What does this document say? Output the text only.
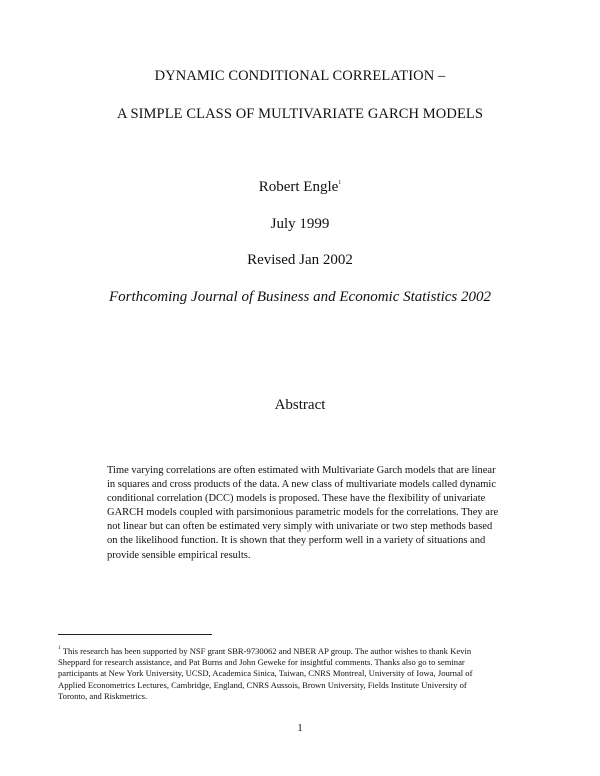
DYNAMIC CONDITIONAL CORRELATION –
A SIMPLE CLASS OF MULTIVARIATE GARCH MODELS
Robert Engle$^1$
July 1999
Revised Jan 2002
Forthcoming Journal of Business and Economic Statistics 2002
Abstract
Time varying correlations are often estimated with Multivariate Garch models that are linear
in squares and cross products of the data. A new class of multivariate models called dynamic
conditional correlation (DCC) models is proposed. These have the flexibility of univariate
GARCH models coupled with parsimonious parametric models for the correlations. They are
not linear but can often be estimated very simply with univariate or two step methods based
on the likelihood function. It is shown that they perform well in a variety of situations and
provide sensible empirical results.
$^1$ This research has been supported by NSF grant SBR-9730062 and NBER AP group. The author wishes to thank Kevin
Sheppard for research assistance, and Pat Burns and John Geweke for insightful comments. Thanks also go to seminar
participants at New York University, UCSD, Academica Sinica, Taiwan, CNRS Montreal, University of Iowa, Journal of
Applied Econometrics Lectures, Cambridge, England, CNRS Aussois, Brown University, Fields Institute University of
Toronto, and Riskmetrics.
1
